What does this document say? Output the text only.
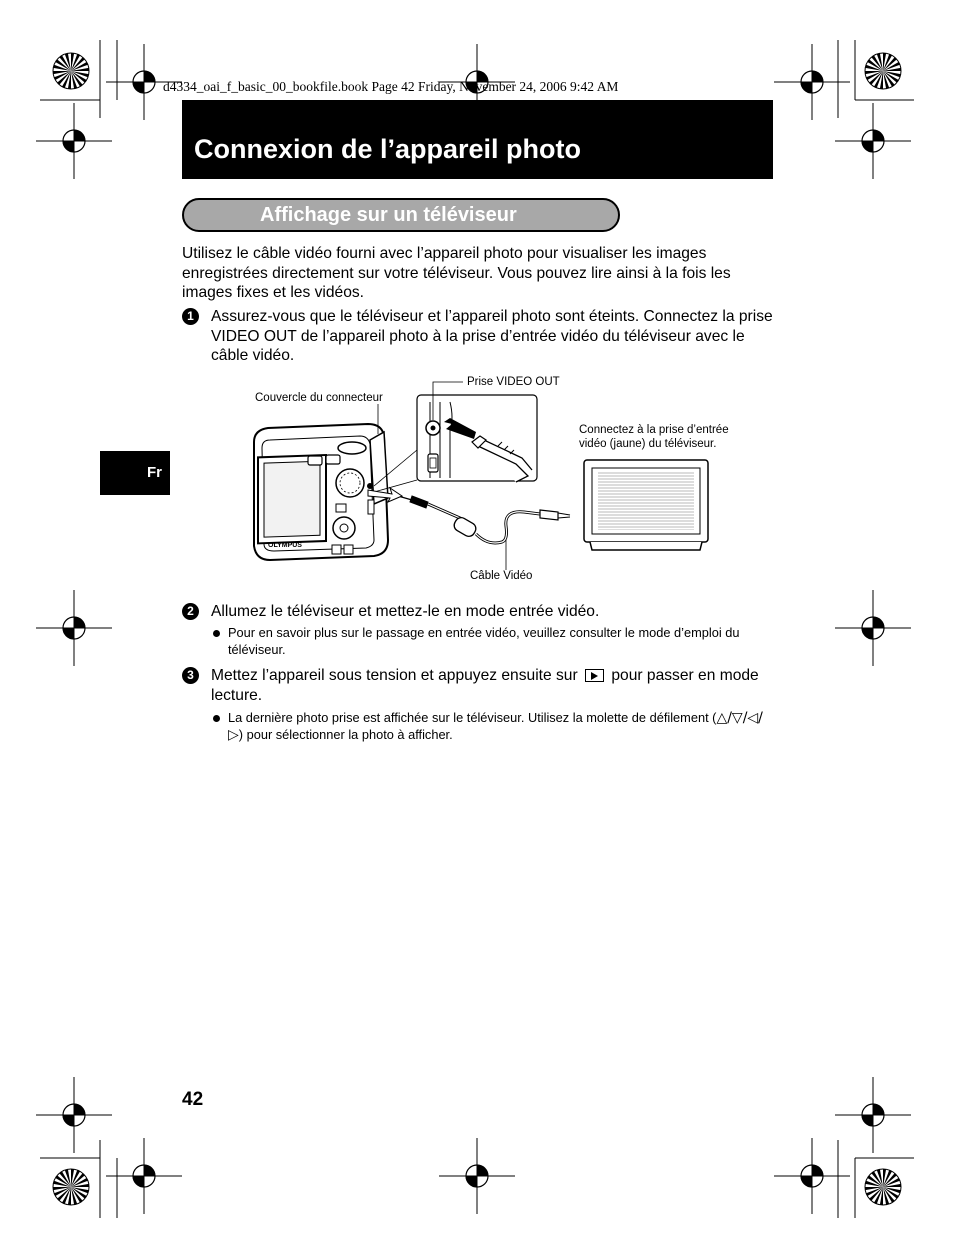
d4334_oai_f_basic_00_bookfile.book Page 42 Friday, November 24, 2006 9:42 AM
Connexion de l’appareil photo
Affichage sur un téléviseur
Utilisez le câble vidéo fourni avec l’appareil photo pour visualiser les images enregistrées directement sur votre téléviseur. Vous pouvez lire ainsi à la fois les images fixes et les vidéos.
1	Assurez-vous que le téléviseur et l’appareil photo sont éteints. Connectez la prise VIDEO OUT de l’appareil photo à la prise d’entrée vidéo du téléviseur avec le câble vidéo.
OLYMPUS
Couvercle du connecteur
Prise VIDEO OUT
Connectez à la prise d’entrée
vidéo (jaune) du téléviseur.
Câble Vidéo
Fr
2	Allumez le téléviseur et mettez-le en mode entrée vidéo.
Pour en savoir plus sur le passage en entrée vidéo, veuillez consulter le mode d’emploi du téléviseur.
3	Mettez l’appareil sous tension et appuyez ensuite sur pour passer en mode lecture.
La dernière photo prise est affichée sur le téléviseur. Utilisez la molette de défilement (△/▽/◁/▷) pour sélectionner la photo à afficher.
42
